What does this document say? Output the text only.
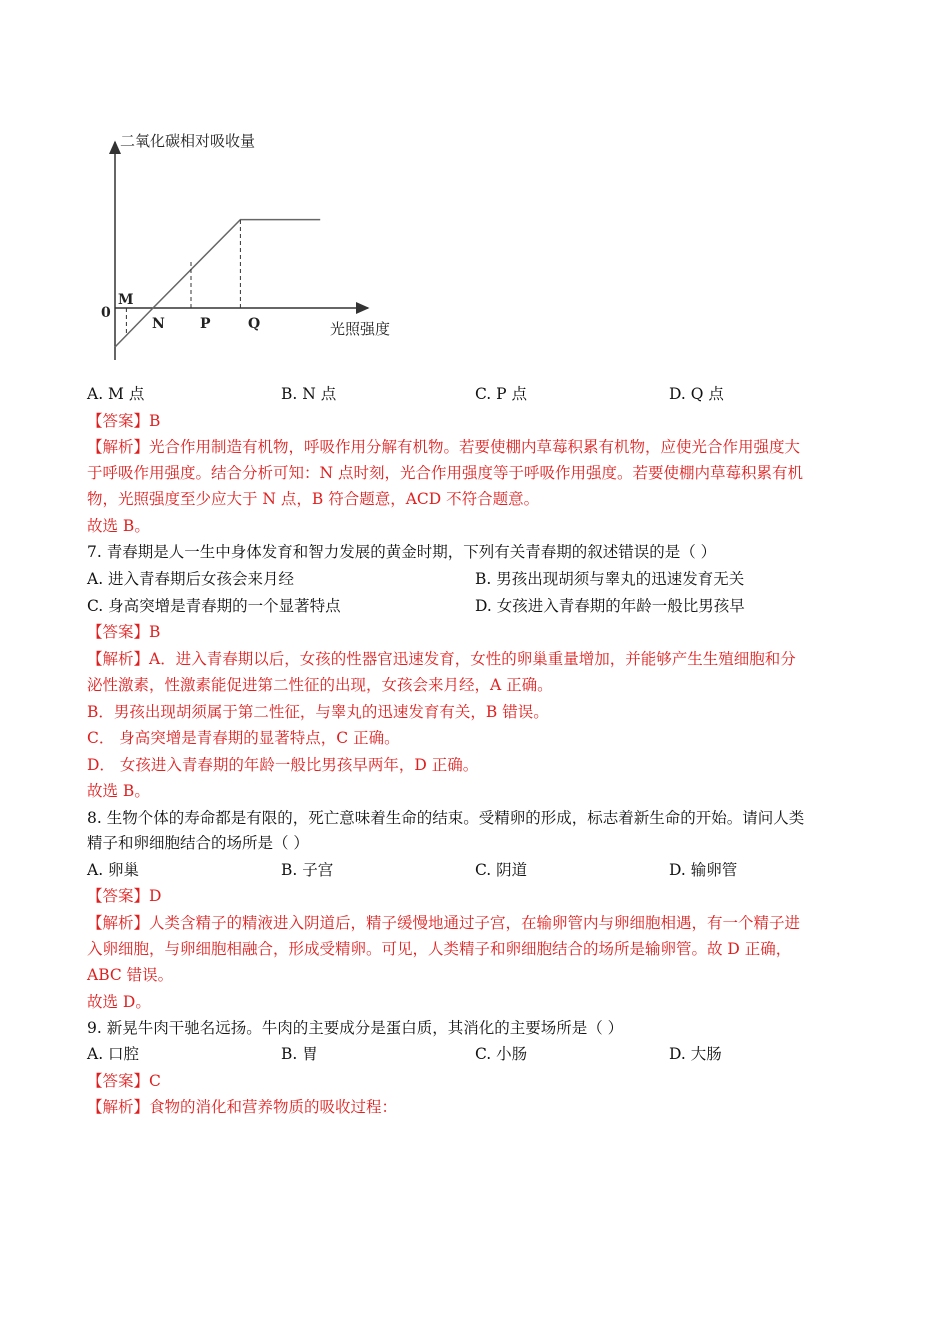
二氧化碳相对吸收量
光照强度
0
M
N	P	Q
A. M 点	B. N 点	C. P 点	D. Q 点
【答案】B
【解析】光合作用制造有机物，呼吸作用分解有机物。若要使棚内草莓积累有机物，应使光合作用强度大
于呼吸作用强度。结合分析可知：N 点时刻，光合作用强度等于呼吸作用强度。若要使棚内草莓积累有机
物，光照强度至少应大于 N 点，B 符合题意，ACD 不符合题意。
故选 B。
7. 青春期是人一生中身体发育和智力发展的黄金时期，下列有关青春期的叙述错误的是（ ）
A. 进入青春期后女孩会来月经	B. 男孩出现胡须与睾丸的迅速发育无关
C. 身高突增是青春期的一个显著特点	D. 女孩进入青春期的年龄一般比男孩早
【答案】B
【解析】A．进入青春期以后，女孩的性器官迅速发育，女性的卵巢重量增加，并能够产生生殖细胞和分
泌性激素，性激素能促进第二性征的出现，女孩会来月经，A 正确。
B．男孩出现胡须属于第二性征，与睾丸的迅速发育有关，B 错误。
C． 身高突增是青春期的显著特点，C 正确。
D． 女孩进入青春期的年龄一般比男孩早两年，D 正确。
故选 B。
8. 生物个体的寿命都是有限的，死亡意味着生命的结束。受精卵的形成，标志着新生命的开始。请问人类
精子和卵细胞结合的场所是（ ）
A. 卵巢	B. 子宫	C. 阴道	D. 输卵管
【答案】D
【解析】人类含精子的精液进入阴道后，精子缓慢地通过子宫，在输卵管内与卵细胞相遇，有一个精子进
入卵细胞，与卵细胞相融合，形成受精卵。可见，人类精子和卵细胞结合的场所是输卵管。故 D 正确，
ABC 错误。
故选 D。
9. 新晃牛肉干驰名远扬。牛肉的主要成分是蛋白质，其消化的主要场所是（ ）
A. 口腔	B. 胃	C. 小肠	D. 大肠
【答案】C
【解析】食物的消化和营养物质的吸收过程：
